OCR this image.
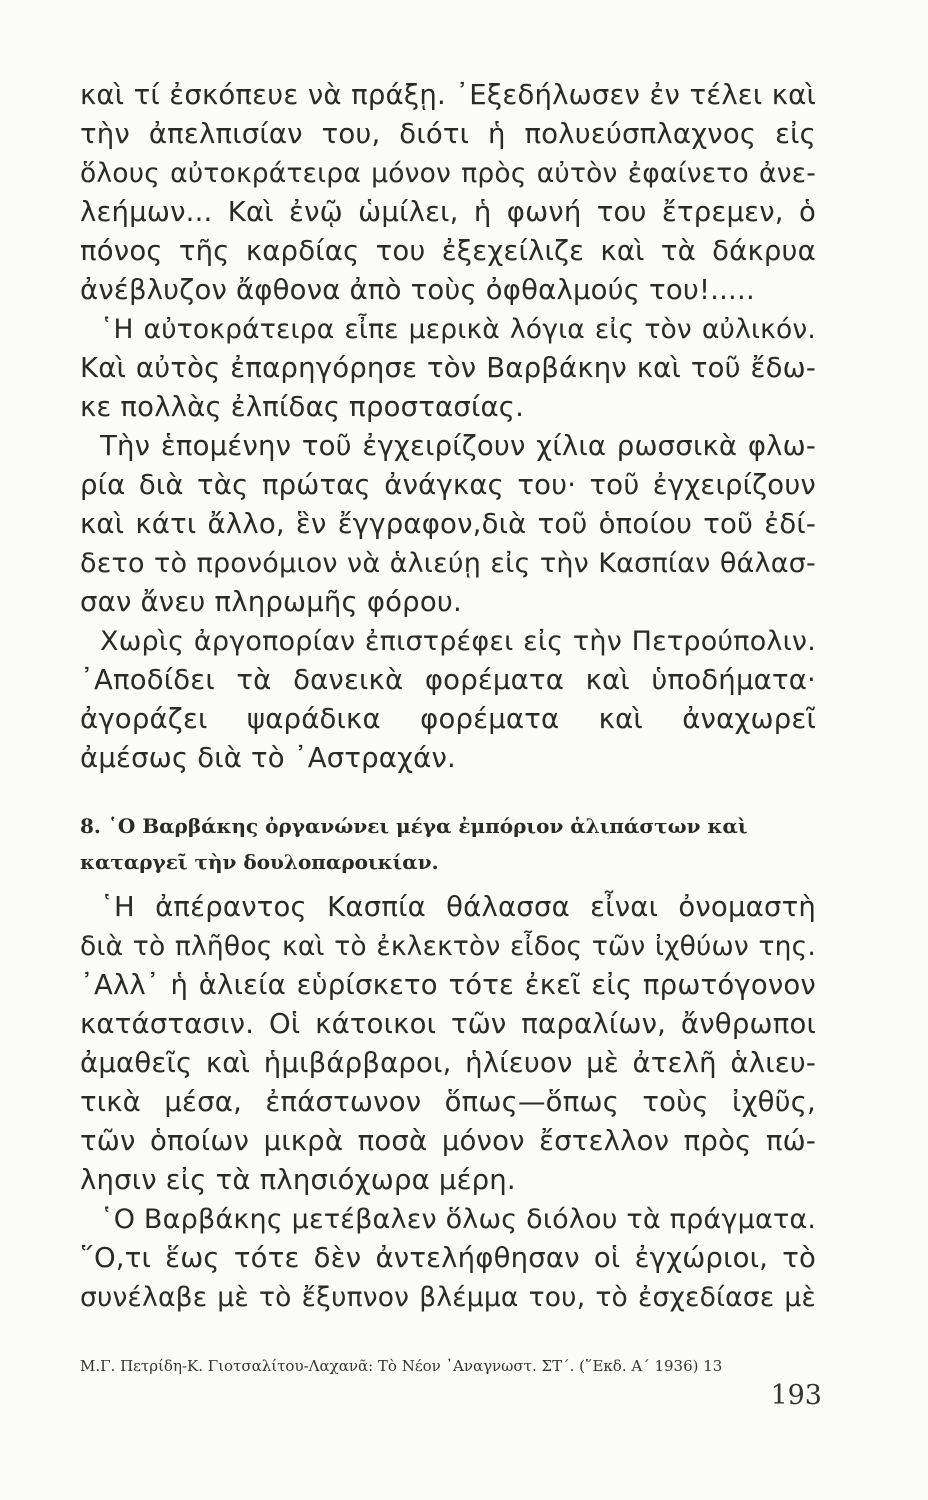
καὶ τί ἐσκόπευε νὰ πράξῃ. ᾿Εξεδήλωσεν ἐν τέλει καὶ
τὴν ἀπελπισίαν του, διότι ἡ πολυεύσπλαχνος εἰς
ὅλους αὐτοκράτειρα μόνον πρὸς αὐτὸν ἐφαίνετο ἀνε-
λεήμων... Καὶ ἐνῷ ὡμίλει, ἡ φωνή του ἔτρεμεν, ὁ
πόνος τῆς καρδίας του ἐξεχείλιζε καὶ τὰ δάκρυα
ἀνέβλυζον ἄφθονα ἀπὸ τοὺς ὀφθαλμούς του!.....
῾Η αὐτοκράτειρα εἶπε μερικὰ λόγια εἰς τὸν αὐλικόν.
Καὶ αὐτὸς ἐπαρηγόρησε τὸν Βαρβάκην καὶ τοῦ ἔδω-
κε πολλὰς ἐλπίδας προστασίας.
Τὴν ἑπομένην τοῦ ἐγχειρίζουν χίλια ρωσσικὰ φλω-
ρία διὰ τὰς πρώτας ἀνάγκας του· τοῦ ἐγχειρίζουν
καὶ κάτι ἄλλο, ἓν ἔγγραφον,διὰ τοῦ ὁποίου τοῦ ἐδί-
δετο τὸ προνόμιον νὰ ἁλιεύῃ εἰς τὴν Κασπίαν θάλασ-
σαν ἄνευ πληρωμῆς φόρου.
Χωρὶς ἀργοπορίαν ἐπιστρέφει εἰς τὴν Πετρούπολιν.
᾿Αποδίδει τὰ δανεικὰ φορέματα καὶ ὑποδήματα·
ἀγοράζει ψαράδικα φορέματα καὶ ἀναχωρεῖ
ἀμέσως διὰ τὸ ᾿Αστραχάν.
8. ῾Ο Βαρβάκης ὀργανώνει μέγα ἐμπόριον ἁλιπάστων καὶ
καταργεῖ τὴν δουλοπαροικίαν.
῾Η ἀπέραντος Κασπία θάλασσα εἶναι ὀνομαστὴ
διὰ τὸ πλῆθος καὶ τὸ ἐκλεκτὸν εἶδος τῶν ἰχθύων της.
᾿Αλλ᾿ ἡ ἁλιεία εὑρίσκετο τότε ἐκεῖ εἰς πρωτόγονον
κατάστασιν. Οἱ κάτοικοι τῶν παραλίων, ἄνθρωποι
ἀμαθεῖς καὶ ἡμιβάρβαροι, ἡλίευον μὲ ἀτελῆ ἁλιευ-
τικὰ μέσα, ἐπάστωνον ὅπως—ὅπως τοὺς ἰχθῦς,
τῶν ὁποίων μικρὰ ποσὰ μόνον ἔστελλον πρὸς πώ-
λησιν εἰς τὰ πλησιόχωρα μέρη.
῾Ο Βαρβάκης μετέβαλεν ὅλως διόλου τὰ πράγματα.
῞Ο,τι ἕως τότε δὲν ἀντελήφθησαν οἱ ἐγχώριοι, τὸ
συνέλαβε μὲ τὸ ἔξυπνον βλέμμα του, τὸ ἐσχεδίασε μὲ
Μ.Γ. Πετρίδη-Κ. Γιοτσαλίτου-Λαχανᾶ: Τὸ Νέον ᾿Αναγνωστ. ΣΤ΄. (῞Εκδ. Α΄ 1936) 13
193
